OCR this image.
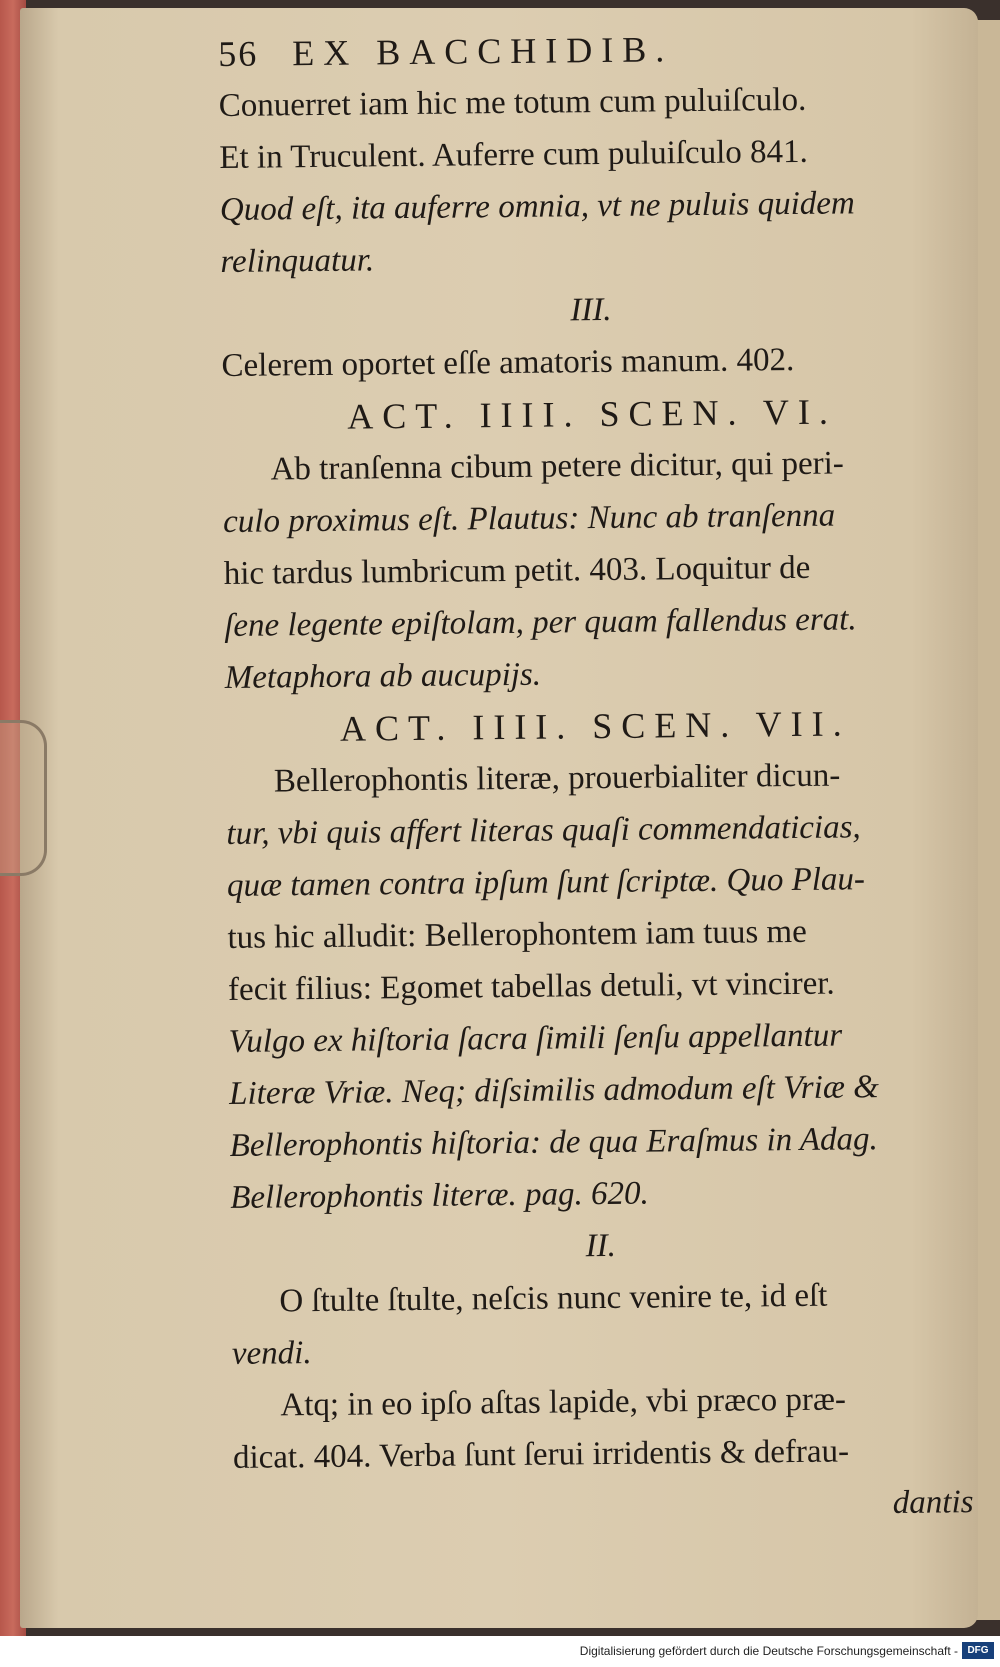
56 EX BACCHIDIB.
Conuerret iam hic me totum cum puluiſculo.
Et in Truculent. Auferre cum puluiſculo 841.
Quod eſt, ita auferre omnia, vt ne puluis quidem
relinquatur.
III.
Celerem oportet eſſe amatoris manum. 402.
ACT. IIII. SCEN. VI.
Ab tranſenna cibum petere dicitur, qui peri-
culo proximus eſt. Plautus: Nunc ab tranſenna
hic tardus lumbricum petit. 403. Loquitur de
ſene legente epiſtolam, per quam fallendus erat.
Metaphora ab aucupijs.
ACT. IIII. SCEN. VII.
Bellerophontis literæ, prouerbialiter dicun-
tur, vbi quis affert literas quaſi commendaticias,
quæ tamen contra ipſum ſunt ſcriptæ. Quo Plau-
tus hic alludit: Bellerophontem iam tuus me
fecit filius: Egomet tabellas detuli, vt vincirer.
Vulgo ex hiſtoria ſacra ſimili ſenſu appellantur
Literæ Vriæ. Neq; diſsimilis admodum eſt Vriæ &
Bellerophontis hiſtoria: de qua Eraſmus in Adag.
Bellerophontis literæ. pag. 620.
II.
O ſtulte ſtulte, neſcis nunc venire te, id eſt
vendi.
Atq; in eo ipſo aſtas lapide, vbi præco præ-
dicat. 404. Verba ſunt ſerui irridentis & defrau-
dantis
Digitalisierung gefördert durch die Deutsche Forschungsgemeinschaft - DFG
